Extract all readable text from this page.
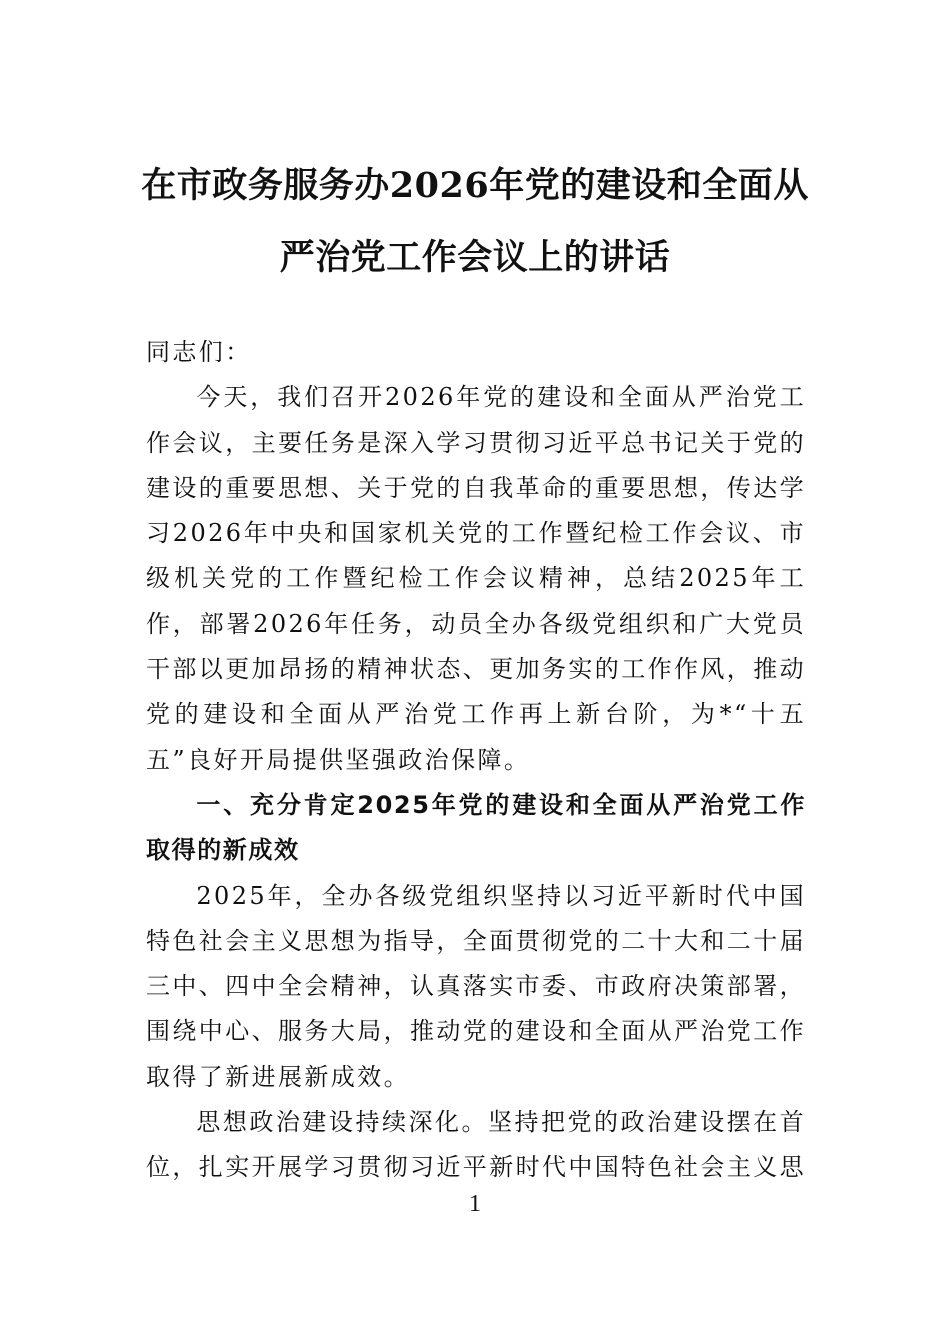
在市政务服务办2026年党的建设和全面从
严治党工作会议上的讲话

同志们：

今天，我们召开2026年党的建设和全面从严治党工作会议，主要任务是深入学习贯彻习近平总书记关于党的建设的重要思想、关于党的自我革命的重要思想，传达学习2026年中央和国家机关党的工作暨纪检工作会议、市级机关党的工作暨纪检工作会议精神，总结2025年工作，部署2026年任务，动员全办各级党组织和广大党员干部以更加昂扬的精神状态、更加务实的工作作风，推动党的建设和全面从严治党工作再上新台阶，为*“十五五”良好开局提供坚强政治保障。

一、充分肯定2025年党的建设和全面从严治党工作取得的新成效

2025年，全办各级党组织坚持以习近平新时代中国特色社会主义思想为指导，全面贯彻党的二十大和二十届三中、四中全会精神，认真落实市委、市政府决策部署，围绕中心、服务大局，推动党的建设和全面从严治党工作取得了新进展新成效。

思想政治建设持续深化。坚持把党的政治建设摆在首位，扎实开展学习贯彻习近平新时代中国特色社会主义思

1
